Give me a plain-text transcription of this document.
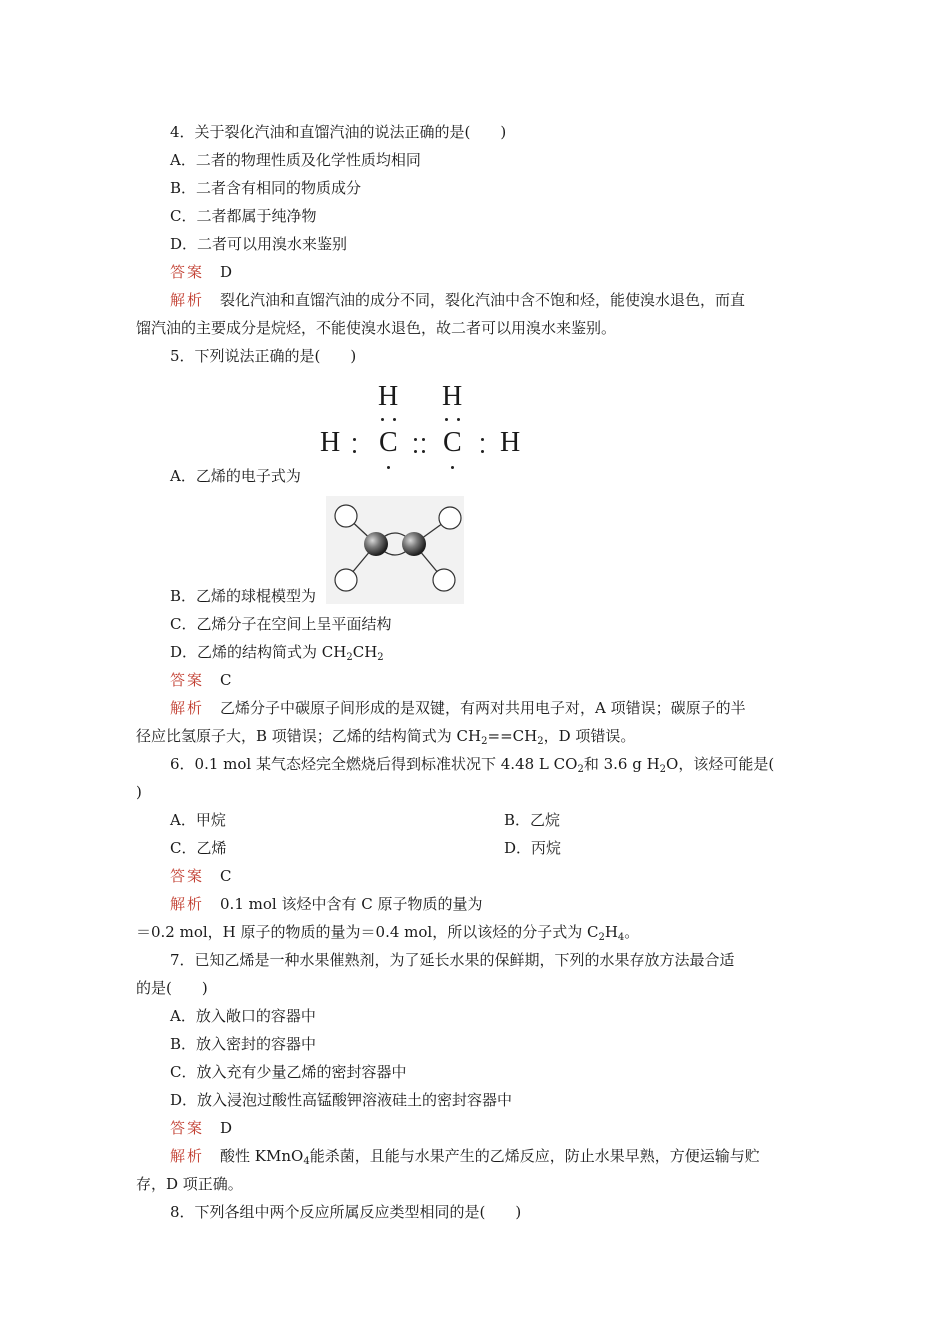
4．关于裂化汽油和直馏汽油的说法正确的是(　　)
A．二者的物理性质及化学性质均相同
B．二者含有相同的物质成分
C．二者都属于纯净物
D．二者可以用溴水来鉴别
答案 D
解析 裂化汽油和直馏汽油的成分不同，裂化汽油中含不饱和烃，能使溴水退色，而直
馏汽油的主要成分是烷烃，不能使溴水退色，故二者可以用溴水来鉴别。
5．下列说法正确的是(　　)
H H
H C C H
A．乙烯的电子式为
B．乙烯的球棍模型为
C．乙烯分子在空间上呈平面结构
D．乙烯的结构简式为 $CH_2CH_2$
答案 C
解析 乙烯分子中碳原子间形成的是双键，有两对共用电子对，A 项错误；碳原子的半
径应比氢原子大，B 项错误；乙烯的结构简式为 $CH_2==CH_2$，D 项错误。
6．0.1 mol 某气态烃完全燃烧后得到标准状况下 4.48 L $CO_2$和 3.6 g $H_2O$，该烃可能是(
)
A．甲烷	B．乙烷
C．乙烯	D．丙烷
答案 C
解析 0.1 mol 该烃中含有 C 原子物质的量为
＝0.2 mol，H 原子的物质的量为＝0.4 mol，所以该烃的分子式为 $C_2H_4$。
7．已知乙烯是一种水果催熟剂，为了延长水果的保鲜期，下列的水果存放方法最合适
的是(　　)
A．放入敞口的容器中
B．放入密封的容器中
C．放入充有少量乙烯的密封容器中
D．放入浸泡过酸性高锰酸钾溶液硅土的密封容器中
答案 D
解析 酸性 KMnO$_4$能杀菌，且能与水果产生的乙烯反应，防止水果早熟，方便运输与贮
存，D 项正确。
8．下列各组中两个反应所属反应类型相同的是(　　)
